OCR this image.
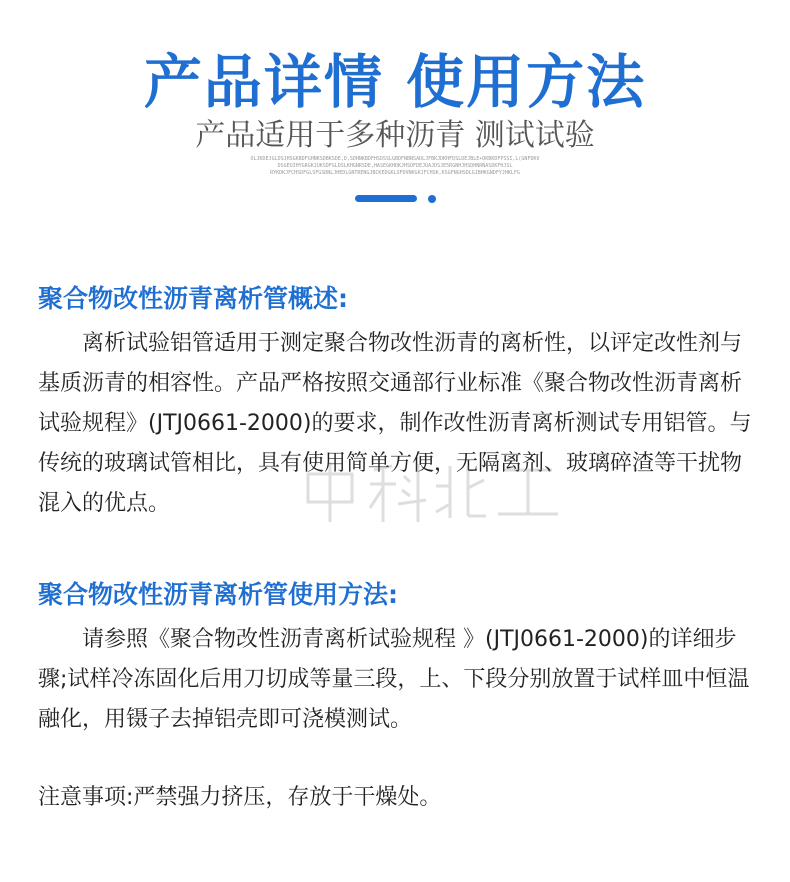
产品详情 使用方法
产品适用于多种沥青 测试试验
OLJKDEJGLDSJHSGKBDFGHNKSDBKSDE,D,SDHNKBDFHSDSSLGBDFNBNSADLJFBKJDKHFDSLDEJBLE+DKBKDFPSSI,L(GNFDKV
DSGEUIHYGRGKJUKSDFGLDSLKHGNRSDE,HASEGKHDKJHSOFDEJUAJDSJE5RGNHJHSDHNRNASDKFHJSL
RYKDKJFCHSDFGLSFGSDNLJHEDLGNTRENGJBCKEDGKLSFDVNKGKJFCHSK,KSGFNGHSDLGJBHKGNDFYJHKLFG
聚合物改性沥青离析管概述:
离析试验铝管适用于测定聚合物改性沥青的离析性，以评定改性剂与基质沥青的相容性。产品严格按照交通部行业标准《聚合物改性沥青离析试验规程》(JTJ0661-2000)的要求，制作改性沥青离析测试专用铝管。与传统的玻璃试管相比，具有使用简单方便，无隔离剂、玻璃碎渣等干扰物混入的优点。
聚合物改性沥青离析管使用方法:
请参照《聚合物改性沥青离析试验规程 》(JTJ0661-2000)的详细步骤;试样冷冻固化后用刀切成等量三段，上、下段分别放置于试样皿中恒温融化，用镊子去掉铝壳即可浇模测试。
注意事项:严禁强力挤压，存放于干燥处。
